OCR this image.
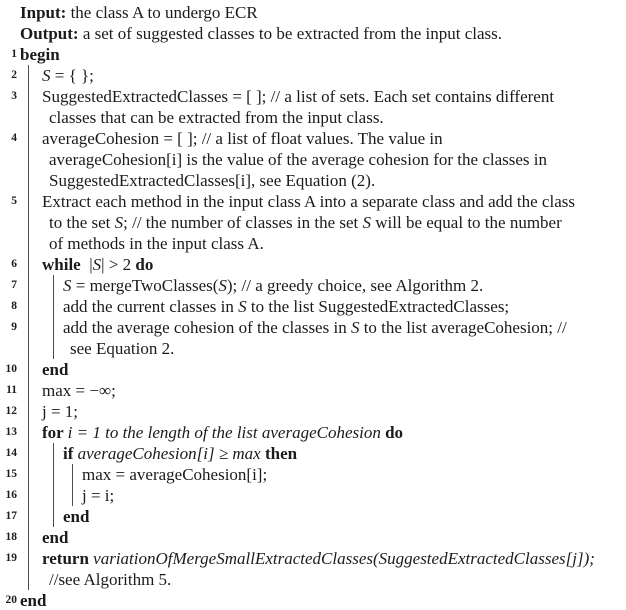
Input: the class A to undergo ECR
Output: a set of suggested classes to be extracted from the input class.
1 begin
2 S = { };
3 SuggestedExtractedClasses = [ ]; // a list of sets. Each set contains different
classes that can be extracted from the input class.
4 averageCohesion = [ ]; // a list of float values. The value in
averageCohesion[i] is the value of the average cohesion for the classes in
SuggestedExtractedClasses[i], see Equation (2).
5 Extract each method in the input class A into a separate class and add the class
to the set S; // the number of classes in the set S will be equal to the number
of methods in the input class A.
6 while  |S| > 2 do
7	S = mergeTwoClasses(S); // a greedy choice, see Algorithm 2.
8	add the current classes in S to the list SuggestedExtractedClasses;
9	add the average cohesion of the classes in S to the list averageCohesion; //
see Equation 2.
10 end
11 max = −∞;
12 j = 1;
13 for i = 1 to the length of the list averageCohesion do
14	if averageCohesion[i] ≥ max then
15	max = averageCohesion[i];
16	j = i;
17	end
18 end
19 return variationOfMergeSmallExtractedClasses(SuggestedExtractedClasses[j]);
//see Algorithm 5.
20 end
